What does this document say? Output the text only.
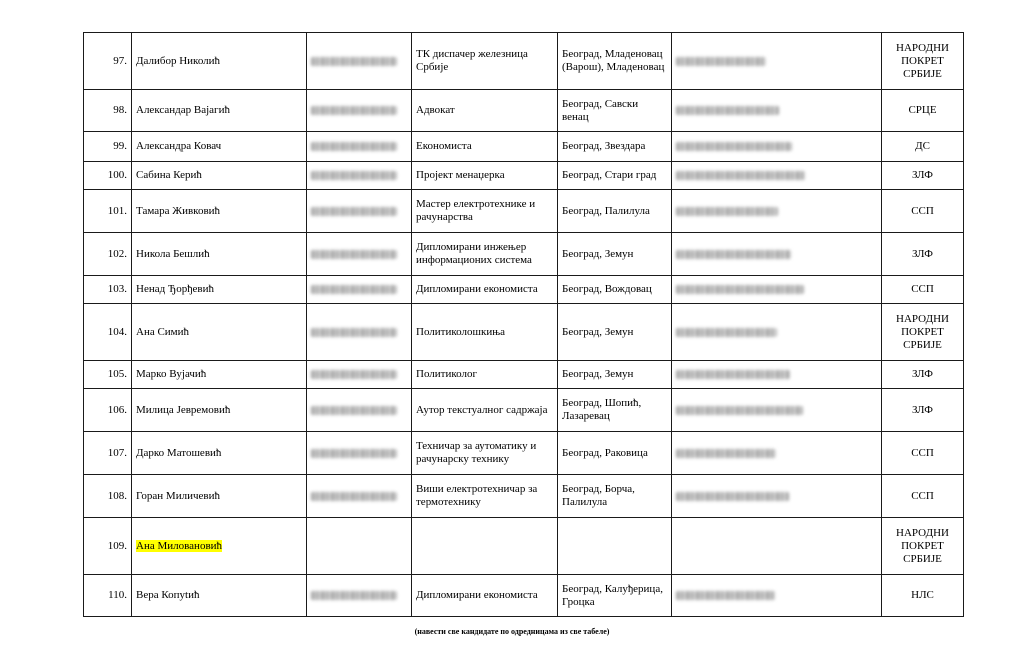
97.	Далибор Николић		ТК диспачер железница Србије	Београд, Младеновац (Варош), Младеновац		НАРОДНИ ПОКРЕТ СРБИЈЕ
98.	Александар Вајагић		Адвокат	Београд, Савски венац		СРЦЕ
99.	Александра Ковач		Економиста	Београд, Звездара		ДС
100.	Сабина Керић		Пројект менаџерка	Београд, Стари град		ЗЛФ
101.	Тамара Живковић		Мастер електротехнике и рачунарства	Београд, Палилула		ССП
102.	Никола Бешлић		Дипломирани инжењер информационих система	Београд, Земун		ЗЛФ
103.	Ненад Ђорђевић		Дипломирани економиста	Београд, Вождовац		ССП
104.	Ана Симић		Политиколошкиња	Београд, Земун		НАРОДНИ ПОКРЕТ СРБИЈЕ
105.	Марко Вујачић		Политиколог	Београд, Земун		ЗЛФ
106.	Милица Јевремовић		Аутор текстуалног садржаја	Београд, Шопић, Лазаревац		ЗЛФ
107.	Дарко Матошевић		Техничар за аутоматику и рачунарску технику	Београд, Раковица		ССП
108.	Горан Миличевић		Виши електротехничар за термотехнику	Београд, Борча, Палилула		ССП
109.	Ана Миловановић					НАРОДНИ ПОКРЕТ СРБИЈЕ
110.	Вера Копуtић		Дипломирани економиста	Београд, Калуђерица, Гроцка		НЛС
(навести све кандидате по одредницама из све табеле)
